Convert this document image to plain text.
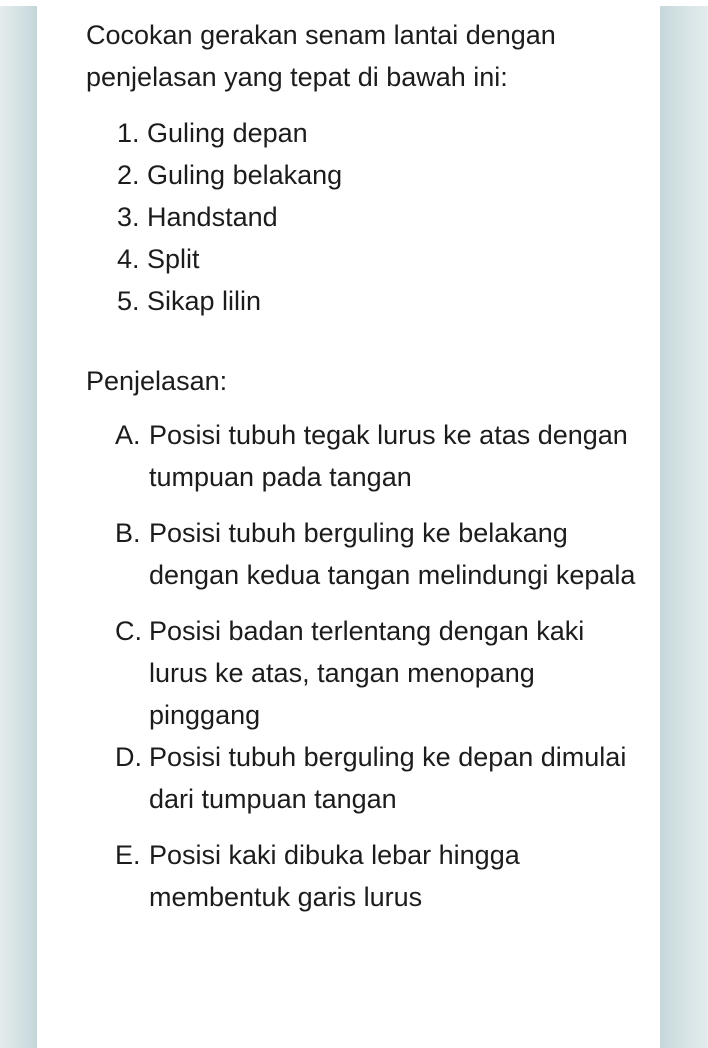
Cocokan gerakan senam lantai dengan penjelasan yang tepat di bawah ini:

1. Guling depan
2. Guling belakang
3. Handstand
4. Split
5. Sikap lilin

Penjelasan:

A. Posisi tubuh tegak lurus ke atas dengan tumpuan pada tangan
B. Posisi tubuh berguling ke belakang dengan kedua tangan melindungi kepala
C. Posisi badan terlentang dengan kaki lurus ke atas, tangan menopang pinggang
D. Posisi tubuh berguling ke depan dimulai dari tumpuan tangan
E. Posisi kaki dibuka lebar hingga membentuk garis lurus
